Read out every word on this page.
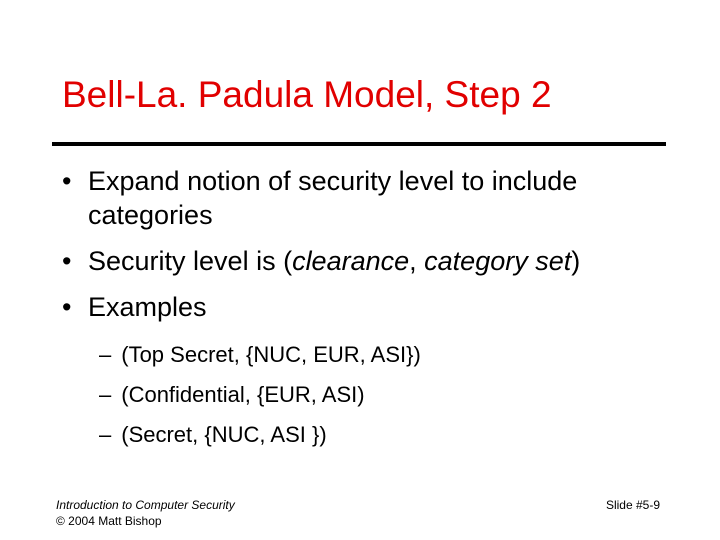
Bell-La. Padula Model, Step 2
• Expand notion of security level to include
categories
• Security level is (clearance, category set)
• Examples
– (Top Secret, {NUC, EUR, ASI})
– (Confidential, {EUR, ASI)
– (Secret, {NUC, ASI })
Introduction to Computer Security
© 2004 Matt Bishop
Slide #5-9
